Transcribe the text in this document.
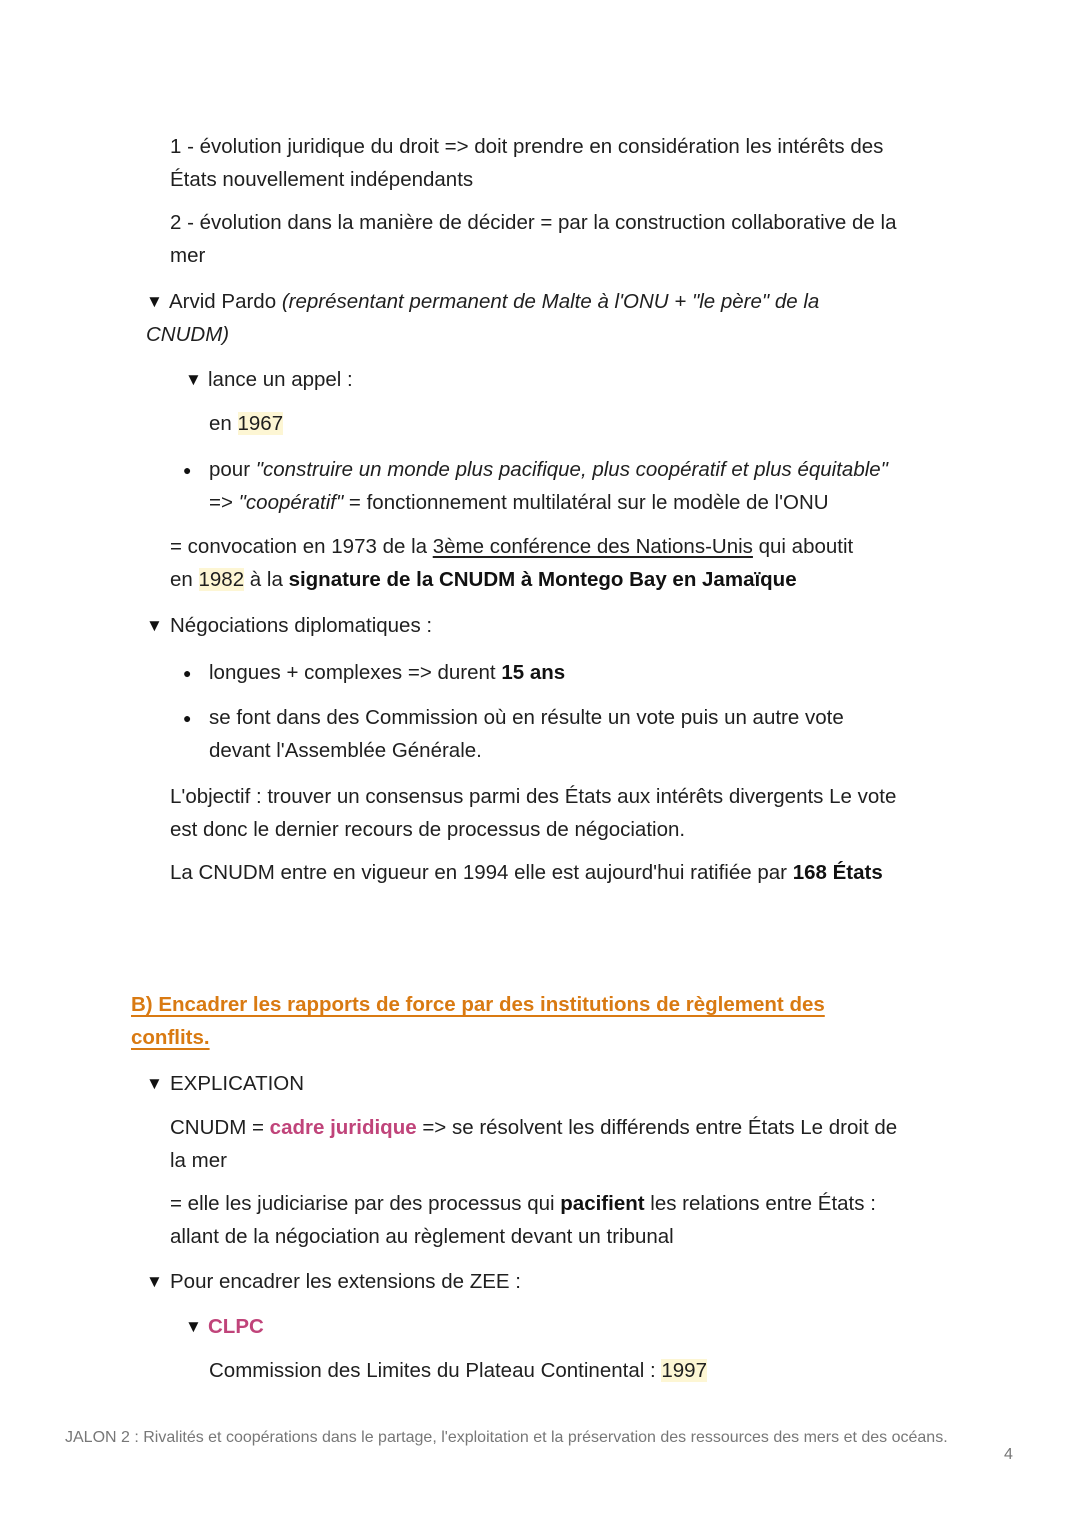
1 - évolution juridique du droit => doit prendre en considération les intérêts des
États nouvellement indépendants
2 - évolution dans la manière de décider = par la construction collaborative de la
mer
▼ Arvid Pardo (représentant permanent de Malte à l'ONU + "le père" de la
CNUDM)
▼ lance un appel :
en 1967
● pour "construire un monde plus pacifique, plus coopératif et plus équitable"
=> "coopératif" = fonctionnement multilatéral sur le modèle de l'ONU
= convocation en 1973 de la 3ème conférence des Nations-Unis qui aboutit
en 1982 à la signature de la CNUDM à Montego Bay en Jamaïque
▼ Négociations diplomatiques :
● longues + complexes => durent 15 ans
● se font dans des Commission où en résulte un vote puis un autre vote
devant l'Assemblée Générale.
L'objectif : trouver un consensus parmi des États aux intérêts divergents Le vote
est donc le dernier recours de processus de négociation.
La CNUDM entre en vigueur en 1994 elle est aujourd'hui ratifiée par 168 États
B) Encadrer les rapports de force par des institutions de règlement des
conflits.
▼ EXPLICATION
CNUDM = cadre juridique => se résolvent les différends entre États Le droit de
la mer
= elle les judiciarise par des processus qui pacifient les relations entre États :
allant de la négociation au règlement devant un tribunal
▼ Pour encadrer les extensions de ZEE :
▼ CLPC
Commission des Limites du Plateau Continental : 1997
JALON 2 : Rivalités et coopérations dans le partage, l'exploitation et la préservation des ressources des mers et des océans.
4
